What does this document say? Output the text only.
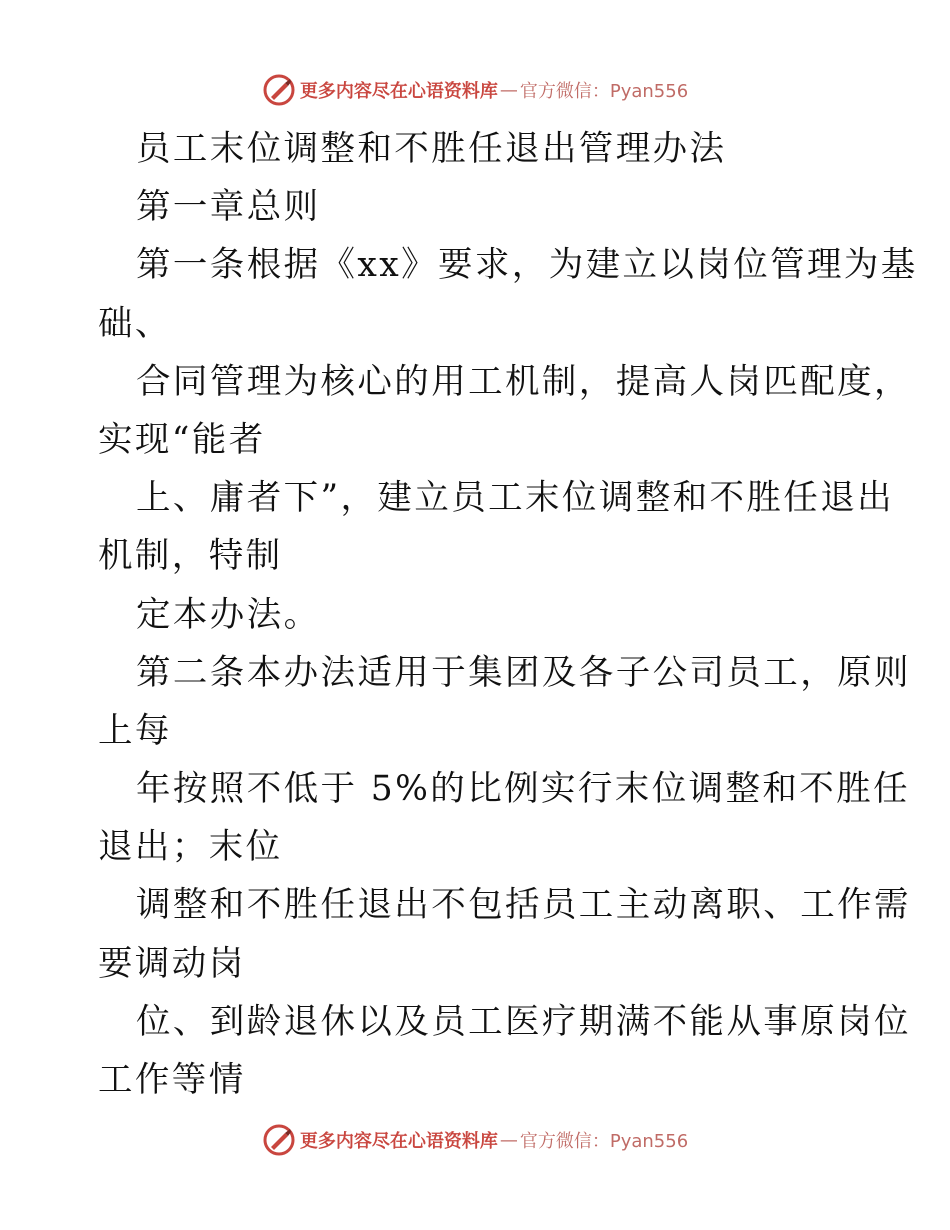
更多内容尽在心语资料库 — 官方微信：Pyan556
员工末位调整和不胜任退出管理办法
第一章总则
第一条根据《xx》要求，为建立以岗位管理为基
础、
合同管理为核心的用工机制，提高人岗匹配度，
实现“能者
上、庸者下”，建立员工末位调整和不胜任退出
机制，特制
定本办法。
第二条本办法适用于集团及各子公司员工，原则
上每
年按照不低于 5%的比例实行末位调整和不胜任
退出；末位
调整和不胜任退出不包括员工主动离职、工作需
要调动岗
位、到龄退休以及员工医疗期满不能从事原岗位
工作等情
更多内容尽在心语资料库 — 官方微信：Pyan556
